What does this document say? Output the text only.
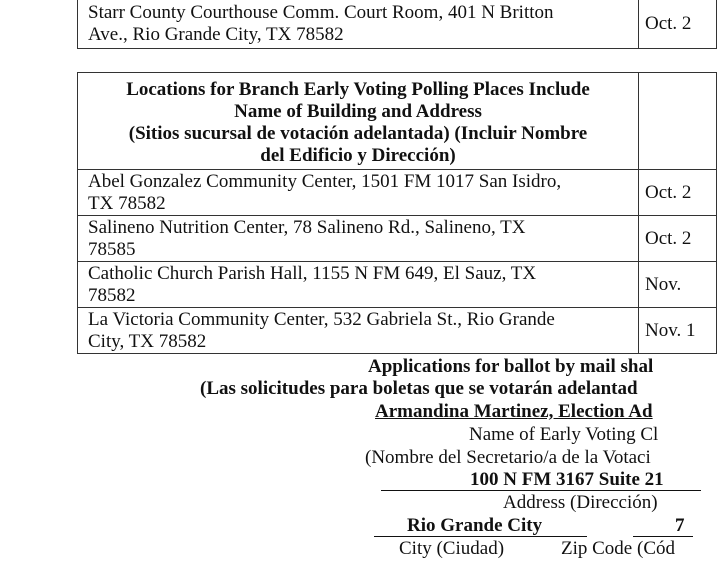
Starr County Courthouse Comm. Court Room, 401 N Britton
Ave., Rio Grande City, TX 78582
	Oct. 2
Locations for Branch Early Voting Polling Places Include
Name of Building and Address
(Sitios sucursal de votación adelantada) (Incluir Nombre
del Edificio y Dirección)	

Abel Gonzalez Community Center, 1501 FM 1017 San Isidro,
TX 78582	Oct. 2

Salineno Nutrition Center, 78 Salineno Rd., Salineno, TX
78585	Oct. 2

Catholic Church Parish Hall, 1155 N FM 649, El Sauz, TX
78582	Nov.

La Victoria Community Center, 532 Gabriela St., Rio Grande
City, TX 78582	Nov. 1
Applications for ballot by mail shal
(Las solicitudes para boletas que se votarán adelantad
Armandina Martinez, Election Ad
Name of Early Voting Cl
(Nombre del Secretario/a de la Votaci
100 N FM 3167 Suite 21
Address (Dirección)
Rio Grande City	7
City (Ciudad)	Zip Code (Cód
